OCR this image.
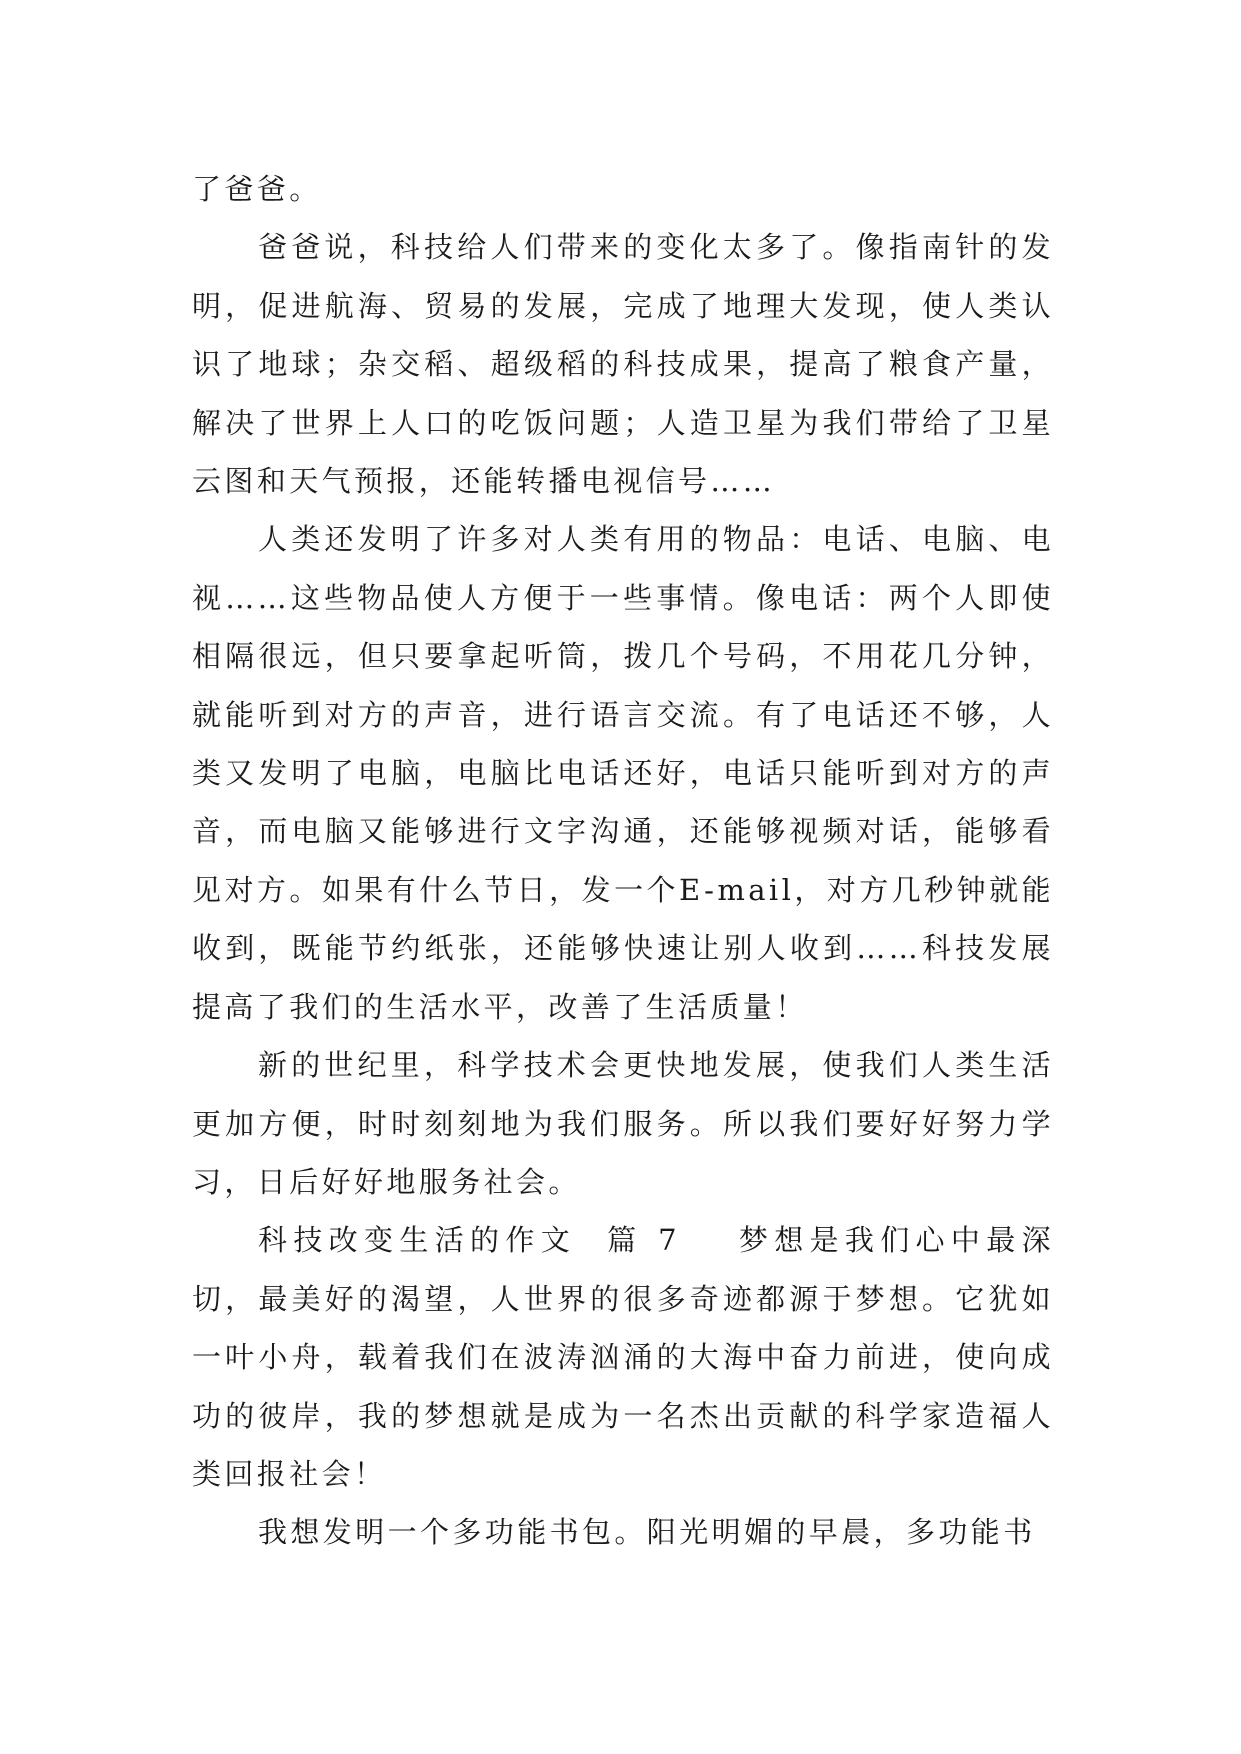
了爸爸。

爸爸说，科技给人们带来的变化太多了。像指南针的发明，促进航海、贸易的发展，完成了地理大发现，使人类认识了地球；杂交稻、超级稻的科技成果，提高了粮食产量，解决了世界上人口的吃饭问题；人造卫星为我们带给了卫星云图和天气预报，还能转播电视信号……

人类还发明了许多对人类有用的物品：电话、电脑、电视……这些物品使人方便于一些事情。像电话：两个人即使相隔很远，但只要拿起听筒，拨几个号码，不用花几分钟，就能听到对方的声音，进行语言交流。有了电话还不够，人类又发明了电脑，电脑比电话还好，电话只能听到对方的声音，而电脑又能够进行文字沟通，还能够视频对话，能够看见对方。如果有什么节日，发一个E-mail，对方几秒钟就能收到，既能节约纸张，还能够快速让别人收到……科技发展提高了我们的生活水平，改善了生活质量！

新的世纪里，科学技术会更快地发展，使我们人类生活更加方便，时时刻刻地为我们服务。所以我们要好好努力学习，日后好好地服务社会。

科技改变生活的作文  篇 7 梦想是我们心中最深切，最美好的渴望，人世界的很多奇迹都源于梦想。它犹如一叶小舟，载着我们在波涛汹涌的大海中奋力前进，使向成功的彼岸，我的梦想就是成为一名杰出贡献的科学家造福人类回报社会！

我想发明一个多功能书包。阳光明媚的早晨，多功能书
